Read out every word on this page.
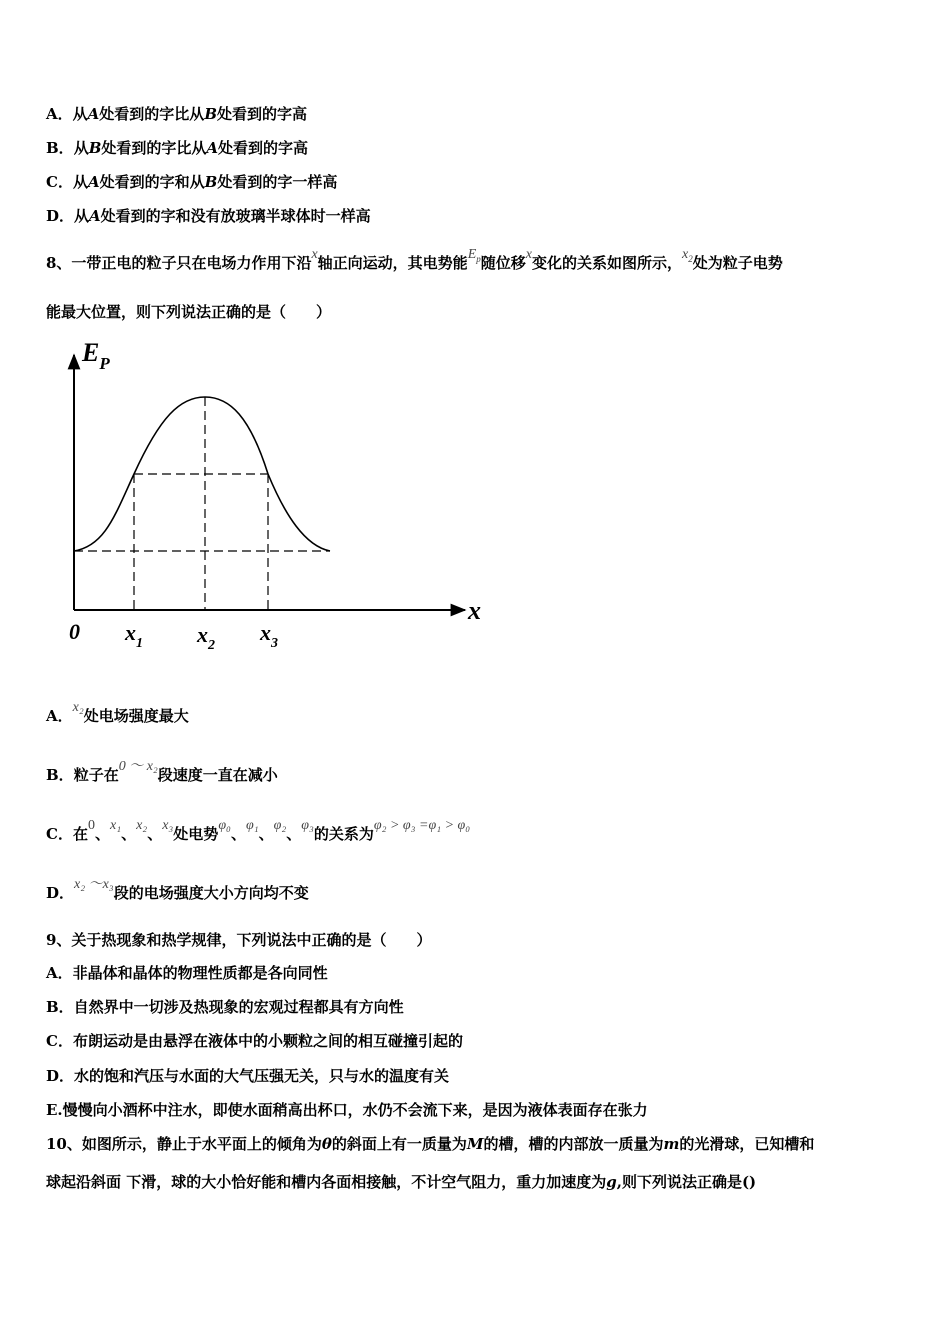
A．从A处看到的字比从B处看到的字高
B．从B处看到的字比从A处看到的字高
C．从A处看到的字和从B处看到的字一样高
D．从A处看到的字和没有放玻璃半球体时一样高
8、一带正电的粒子只在电场力作用下沿x轴正向运动，其电势能$E_p$随位移x变化的关系如图所示，$x_2$处为粒子电势
能最大位置，则下列说法正确的是（　　）
$E_P$
x
0 $x_1$ $x_2$
$x_3$
A．x₂处电场强度最大
B．粒子在0 ～ x₂段速度一直在减小
C．在0、x₁、x₂、x₃处电势φ₀、φ₁、φ₂、φ₃的关系为φ₂ > φ₃ =φ₁ > φ₀
D．x₂ ～x₃段的电场强度大小方向均不变
9、关于热现象和热学规律，下列说法中正确的是（　　）
A．非晶体和晶体的物理性质都是各向同性
B．自然界中一切涉及热现象的宏观过程都具有方向性
C．布朗运动是由悬浮在液体中的小颗粒之间的相互碰撞引起的
D．水的饱和汽压与水面的大气压强无关，只与水的温度有关
E.慢慢向小酒杯中注水，即使水面稍高出杯口，水仍不会流下来，是因为液体表面存在张力
10、如图所示，静止于水平面上的倾角为θ的斜面上有一质量为M的槽，槽的内部放一质量为m的光滑球，已知槽和
球起沿斜面 下滑，球的大小恰好能和槽内各面相接触，不计空气阻力，重力加速度为g,则下列说法正确是()
